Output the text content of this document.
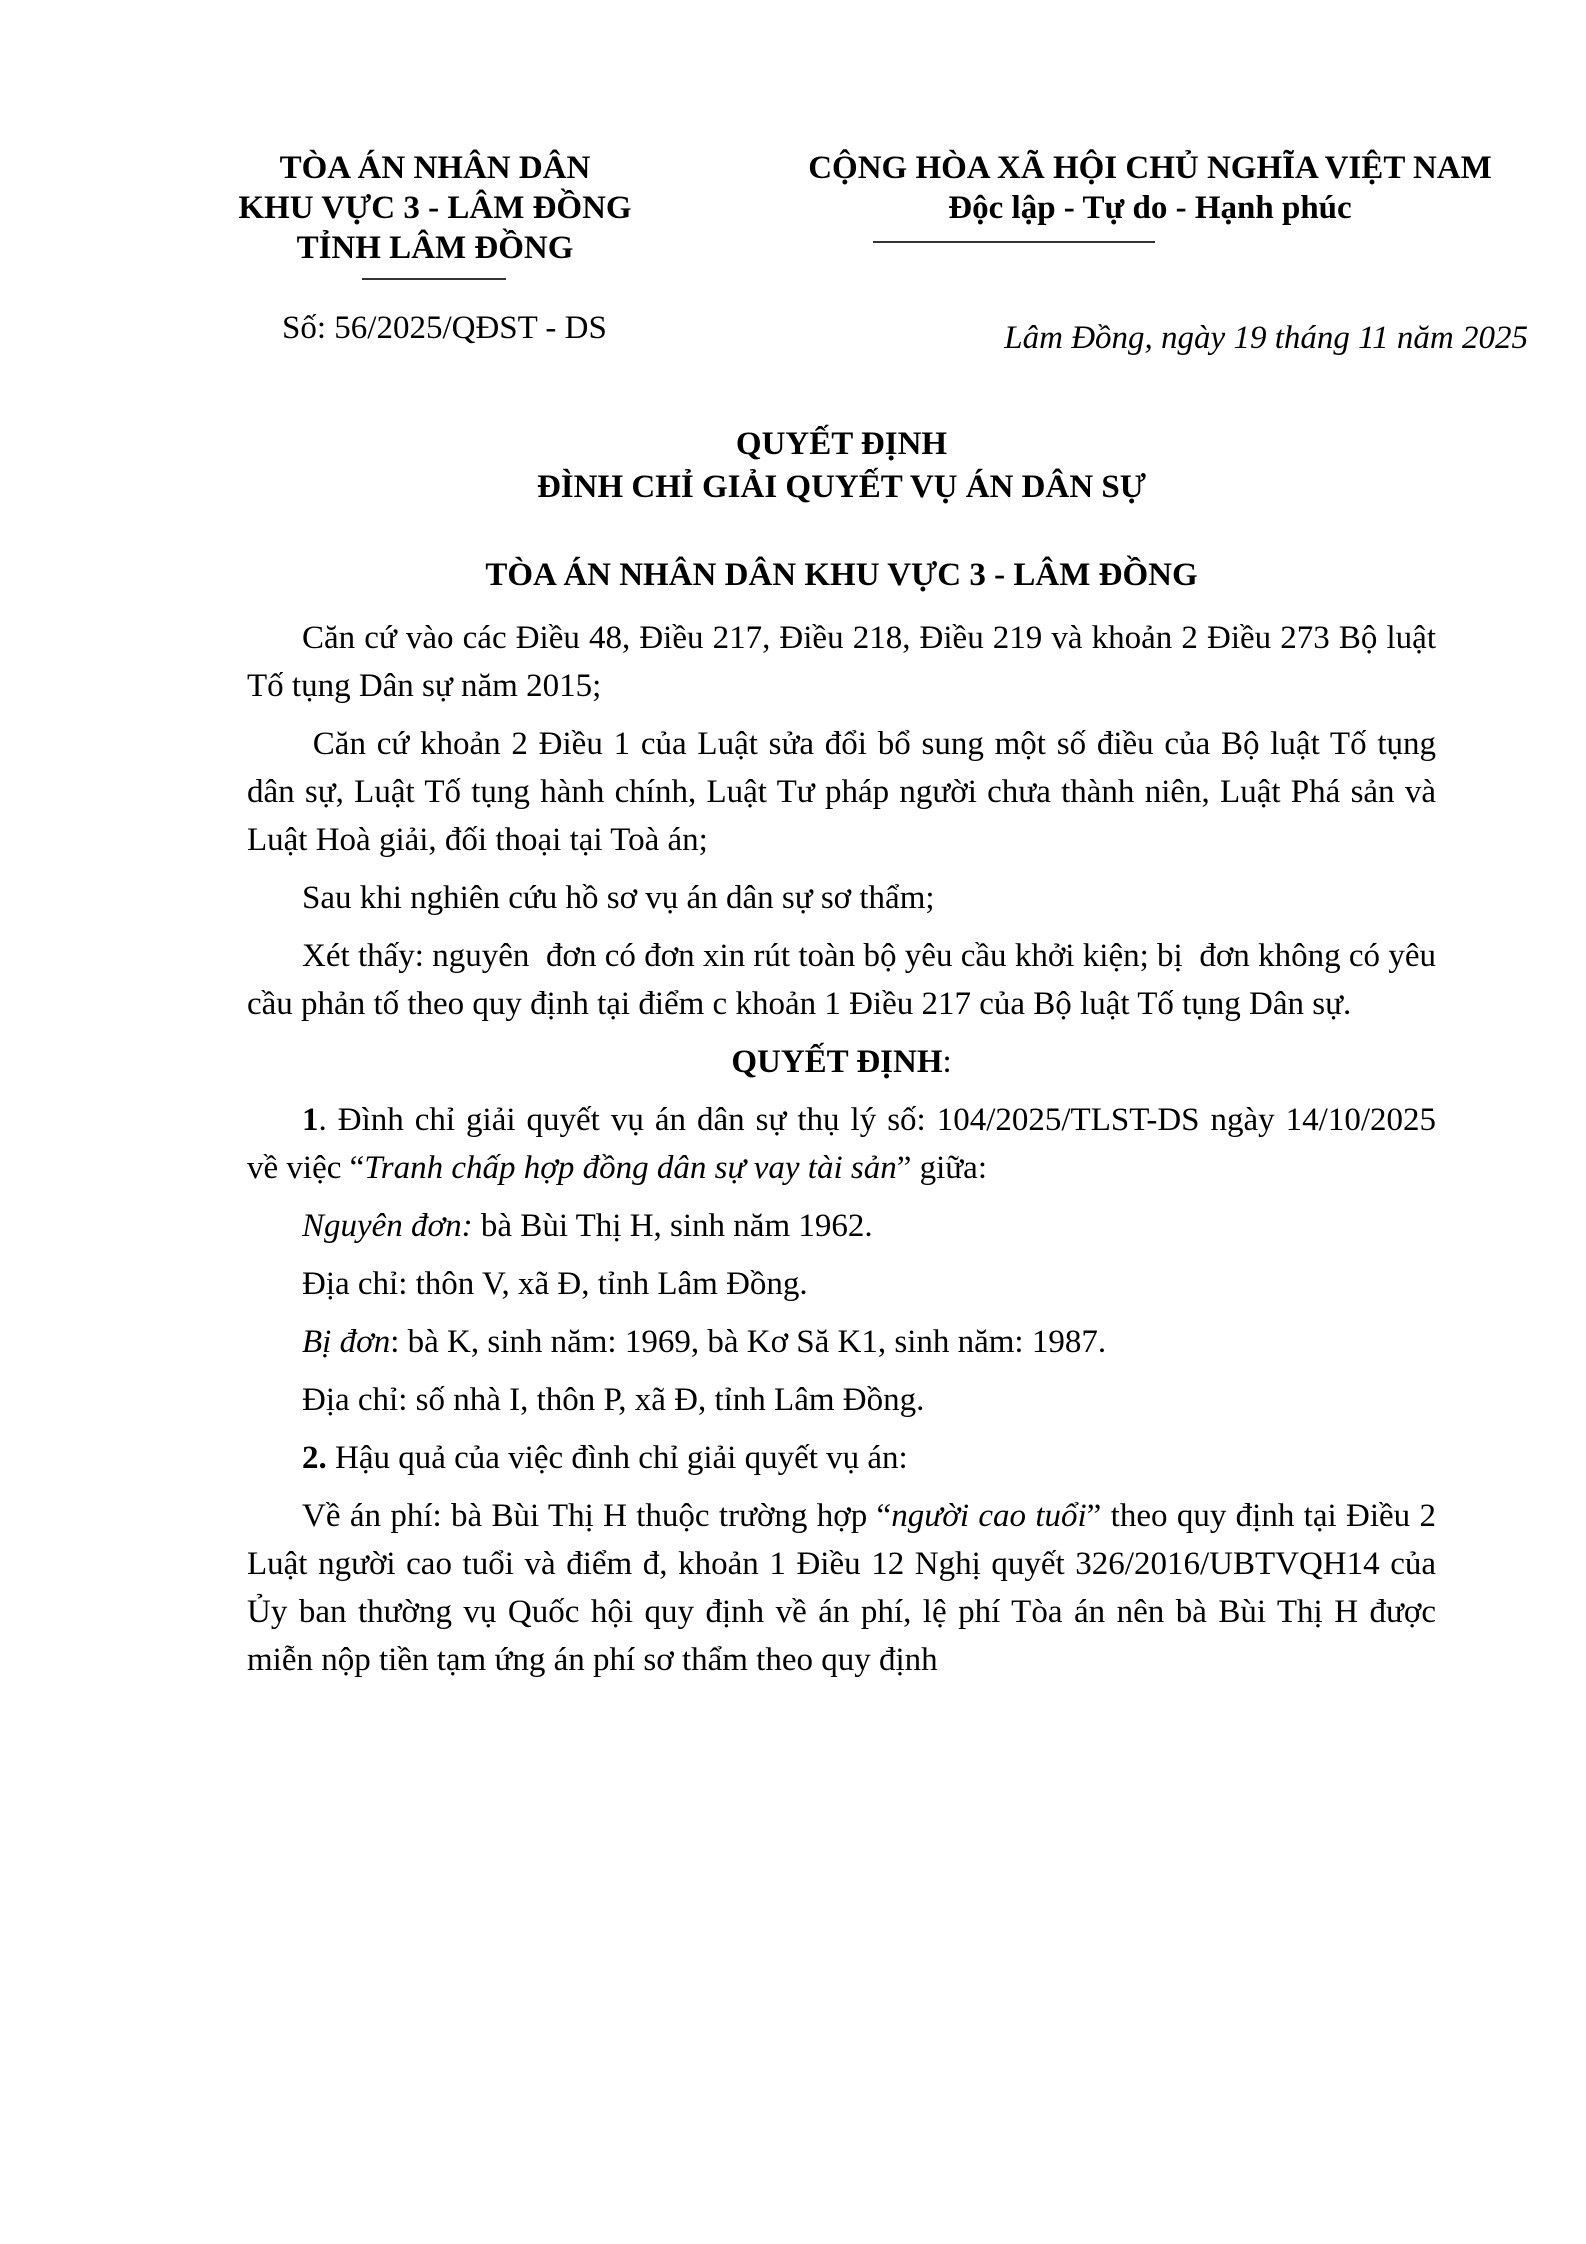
TÒA ÁN NHÂN DÂN
KHU VỰC 3 - LÂM ĐỒNG
TỈNH LÂM ĐỒNG
CỘNG HÒA XÃ HỘI CHỦ NGHĨA VIỆT NAM
Độc lập - Tự do - Hạnh phúc
Số: 56/2025/QĐST - DS	Lâm Đồng, ngày 19 tháng 11 năm 2025
QUYẾT ĐỊNH
ĐÌNH CHỈ GIẢI QUYẾT VỤ ÁN DÂN SỰ
TÒA ÁN NHÂN DÂN KHU VỰC 3 - LÂM ĐỒNG

Căn cứ vào các Điều 48, Điều 217, Điều 218, Điều 219 và khoản 2 Điều 273 Bộ luật Tố tụng Dân sự năm 2015;

Căn cứ khoản 2 Điều 1 của Luật sửa đổi bổ sung một số điều của Bộ luật Tố tụng dân sự, Luật Tố tụng hành chính, Luật Tư pháp người chưa thành niên, Luật Phá sản và Luật Hoà giải, đối thoại tại Toà án;

Sau khi nghiên cứu hồ sơ vụ án dân sự sơ thẩm;

Xét thấy: nguyên  đơn có đơn xin rút toàn bộ yêu cầu khởi kiện; bị  đơn không có yêu cầu phản tố theo quy định tại điểm c khoản 1 Điều 217 của Bộ luật Tố tụng Dân sự.

QUYẾT ĐỊNH:

1. Đình chỉ giải quyết vụ án dân sự thụ lý số: 104/2025/TLST-DS ngày 14/10/2025 về việc “Tranh chấp hợp đồng dân sự vay tài sản” giữa:

Nguyên đơn: bà Bùi Thị H, sinh năm 1962.

Địa chỉ: thôn V, xã Đ, tỉnh Lâm Đồng.

Bị đơn: bà K, sinh năm: 1969, bà Kơ Să K1, sinh năm: 1987.

Địa chỉ: số nhà I, thôn P, xã Đ, tỉnh Lâm Đồng.

2. Hậu quả của việc đình chỉ giải quyết vụ án:

Về án phí: bà Bùi Thị H thuộc trường hợp “người cao tuổi” theo quy định tại Điều 2 Luật người cao tuổi và điểm đ, khoản 1 Điều 12 Nghị quyết 326/2016/UBTVQH14 của Ủy ban thường vụ Quốc hội quy định về án phí, lệ phí Tòa án nên bà Bùi Thị H được miễn nộp tiền tạm ứng án phí sơ thẩm theo quy định
